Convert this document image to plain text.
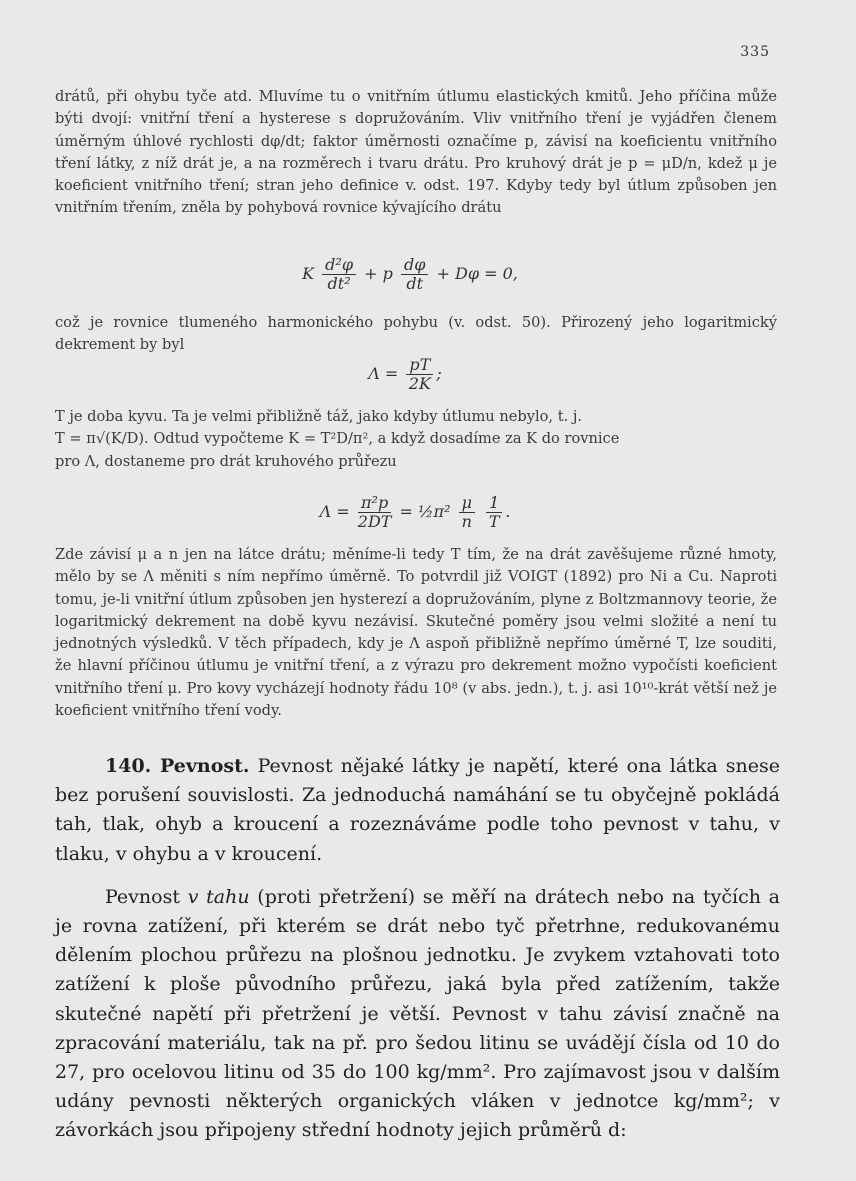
335

drátů, při ohybu tyče atd. Mluvíme tu o vnitřním útlumu elastických kmitů. Jeho příčina může býti dvojí: vnitřní tření a hysterese s dopružováním. Vliv vnitřního tření je vyjádřen členem úměrným úhlové rychlosti dφ/dt; faktor úměrnosti označíme p, závisí na koeficientu vnitřního tření látky, z níž drát je, a na rozměrech i tvaru drátu. Pro kruhový drát je p = μD/n, kdež μ je koeficient vnitřního tření; stran jeho definice v. odst. 197. Kdyby tedy byl útlum způsoben jen vnitřním třením, zněla by pohybová rovnice kývajícího drátu

K $\frac{\text{d²φ}}{\text{dt²}} + p \frac{d\varphi}{dt} + D\varphi = 0$,

což je rovnice tlumeného harmonického pohybu (v. odst. 50). Přirozený jeho logaritmický dekrement by byl

$\Lambda = \frac{pT}{2K}$ ;

T je doba kyvu. Ta je velmi přibližně táž, jako kdyby útlumu nebylo, t. j.

T = π√(K/D). Odtud vypočteme K = T²D/π², a když dosadíme za K do rovnice

pro Λ, dostaneme pro drát kruhového průřezu

$\Lambda = \frac{\text{π²p}}{2DT}$ = ½π² $\frac{\mu}{n}$
$\frac{1}{T}$ .

Zde závisí μ a n jen na látce drátu; měníme-li tedy T tím, že na drát zavěšujeme různé hmoty, mělo by se Λ měniti s ním nepřímo úměrně. To potvrdil již VOIGT (1892) pro Ni a Cu. Naproti tomu, je-li vnitřní útlum způsoben jen hysterezí a dopružováním, plyne z Boltzmannovy teorie, že logaritmický dekrement na době kyvu nezávisí. Skutečné poměry jsou velmi složité a není tu jednotných výsledků. V těch případech, kdy je Λ aspoň přibližně nepřímo úměrné T, lze souditi, že hlavní příčinou útlumu je vnitřní tření, a z výrazu pro dekrement možno vypočísti koeficient vnitřního tření μ. Pro kovy vycházejí hodnoty řádu 10⁸ (v abs. jedn.), t. j. asi 10¹⁰-krát větší než je koeficient vnitřního tření vody.

140. Pevnost. Pevnost nějaké látky je napětí, které ona látka snese bez porušení souvislosti. Za jednoduchá namáhání se tu obyčejně pokládá tah, tlak, ohyb a kroucení a rozeznáváme podle toho pevnost v tahu, v tlaku, v ohybu a v kroucení.

Pevnost v tahu (proti přetržení) se měří na drátech nebo na tyčích a je rovna zatížení, při kterém se drát nebo tyč přetrhne, redukovanému dělením plochou průřezu na plošnou jednotku. Je zvykem vztahovati toto zatížení k ploše původního průřezu, jaká byla před zatížením, takže skutečné napětí při přetržení je větší. Pevnost v tahu závisí značně na zpracování materiálu, tak na př. pro šedou litinu se uvádějí čísla od 10 do 27, pro ocelovou litinu od 35 do 100 kg/mm². Pro zajímavost jsou v dalším udány pevnosti některých organických vláken v jednotce kg/mm²; v závorkách jsou připojeny střední hodnoty jejich průměrů d:
